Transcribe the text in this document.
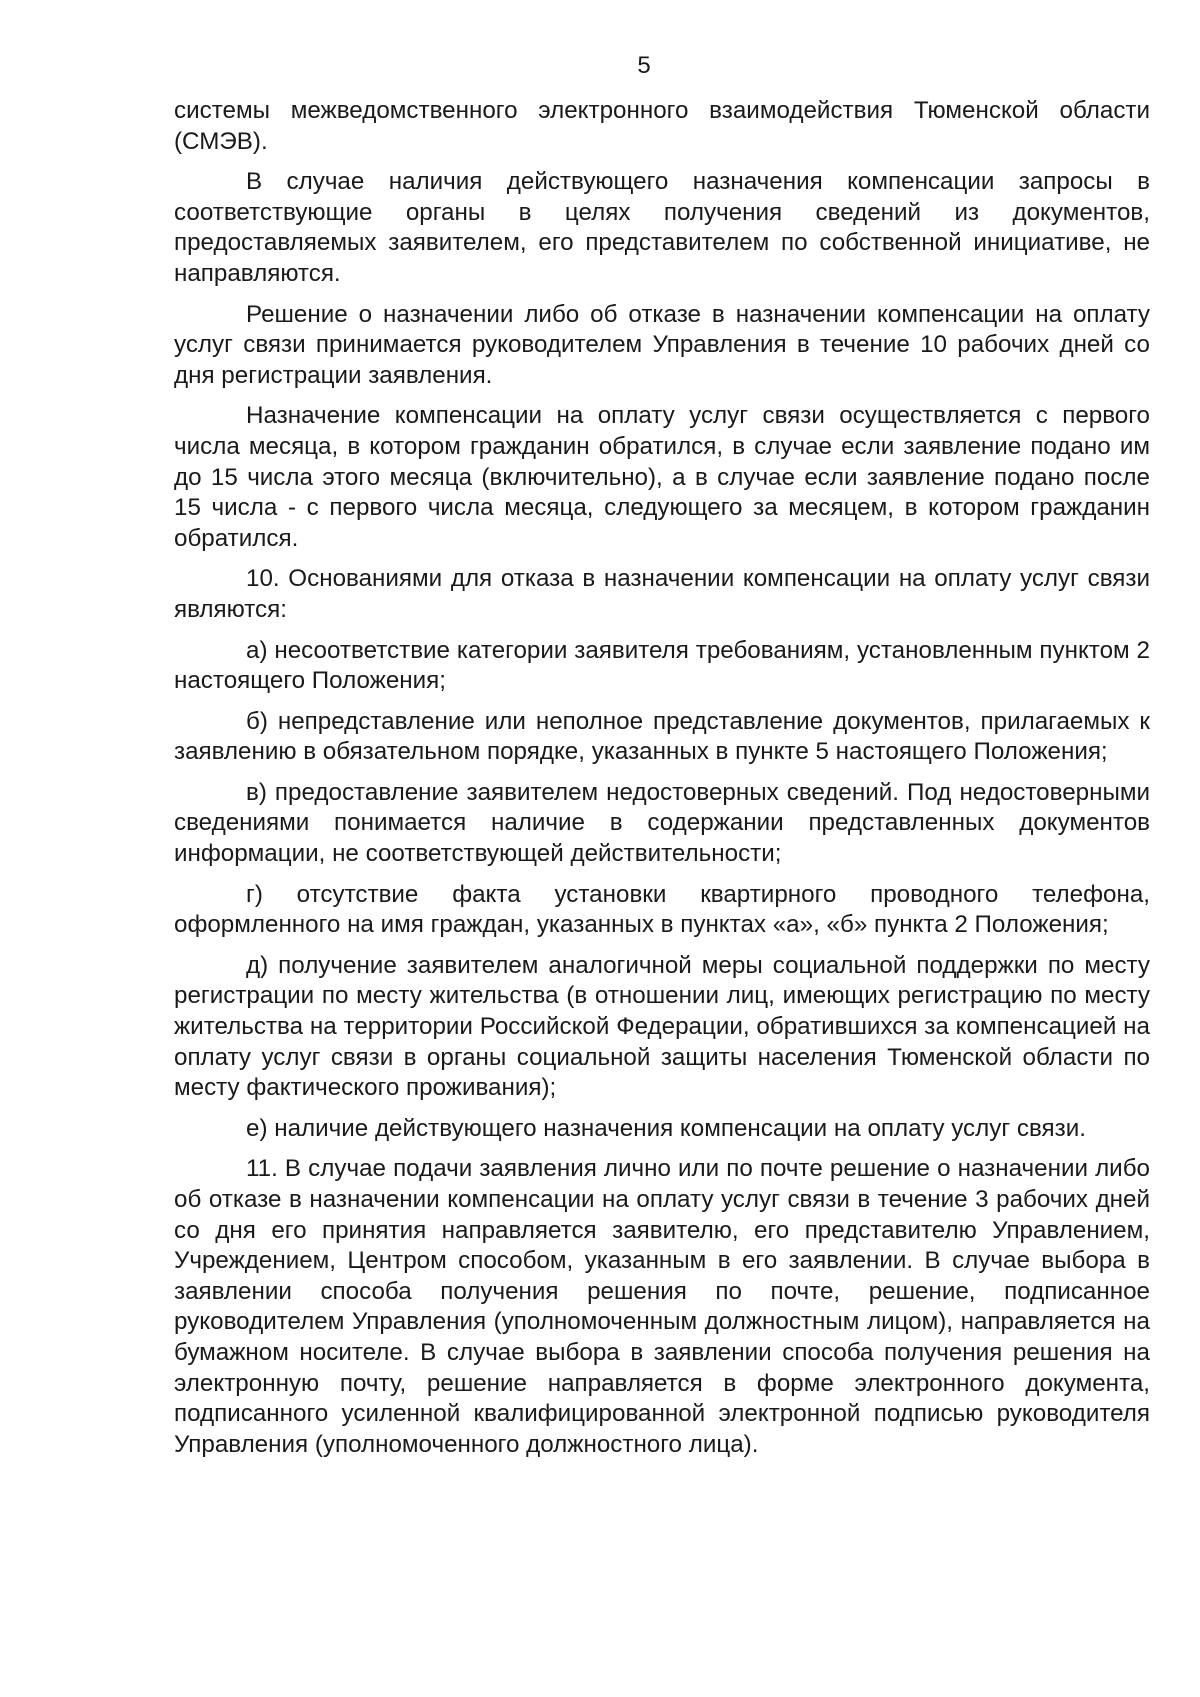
5

системы межведомственного электронного взаимодействия Тюменской области (СМЭВ).

В случае наличия действующего назначения компенсации запросы в соответствующие органы в целях получения сведений из документов, предоставляемых заявителем, его представителем по собственной инициативе, не направляются.

Решение о назначении либо об отказе в назначении компенсации на оплату услуг связи принимается руководителем Управления в течение 10 рабочих дней со дня регистрации заявления.

Назначение компенсации на оплату услуг связи осуществляется с первого числа месяца, в котором гражданин обратился, в случае если заявление подано им до 15 числа этого месяца (включительно), а в случае если заявление подано после 15 числа - с первого числа месяца, следующего за месяцем, в котором гражданин обратился.

10. Основаниями для отказа в назначении компенсации на оплату услуг связи являются:

а) несоответствие категории заявителя требованиям, установленным пунктом 2 настоящего Положения;

б) непредставление или неполное представление документов, прилагаемых к заявлению в обязательном порядке, указанных в пункте 5 настоящего Положения;

в) предоставление заявителем недостоверных сведений. Под недостоверными сведениями понимается наличие в содержании представленных документов информации, не соответствующей действительности;

г) отсутствие факта установки квартирного проводного телефона, оформленного на имя граждан, указанных в пунктах «а», «б» пункта 2 Положения;

д) получение заявителем аналогичной меры социальной поддержки по месту регистрации по месту жительства (в отношении лиц, имеющих регистрацию по месту жительства на территории Российской Федерации, обратившихся за компенсацией на оплату услуг связи в органы социальной защиты населения Тюменской области по месту фактического проживания);

е) наличие действующего назначения компенсации на оплату услуг связи.

11. В случае подачи заявления лично или по почте решение о назначении либо об отказе в назначении компенсации на оплату услуг связи в течение 3 рабочих дней со дня его принятия направляется заявителю, его представителю Управлением, Учреждением, Центром способом, указанным в его заявлении. В случае выбора в заявлении способа получения решения по почте, решение, подписанное руководителем Управления (уполномоченным должностным лицом), направляется на бумажном носителе. В случае выбора в заявлении способа получения решения на электронную почту, решение направляется в форме электронного документа, подписанного усиленной квалифицированной электронной подписью руководителя Управления (уполномоченного должностного лица).
